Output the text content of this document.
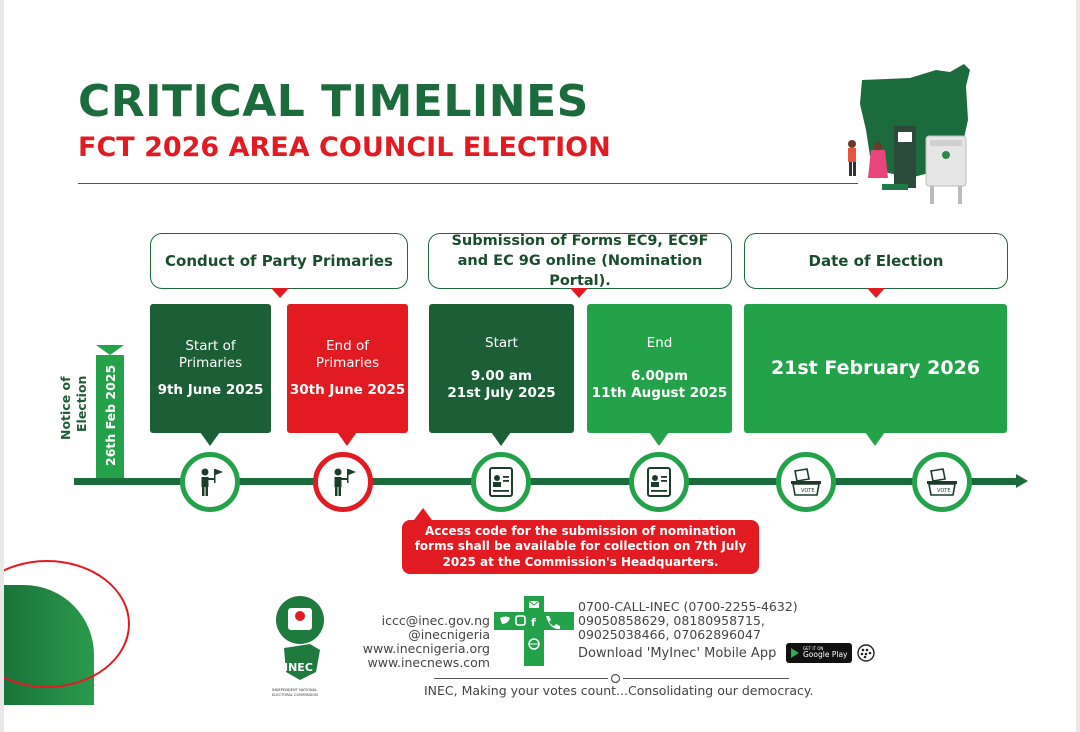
CRITICAL TIMELINES
FCT 2026 AREA COUNCIL ELECTION
Conduct of Party Primaries
Submission of Forms EC9, EC9F and EC 9G online (Nomination Portal).
Date of Election
Notice of Election 26th Feb 2025
Start of
Primaries
9th June 2025
End of
Primaries
30th June 2025
Start
9.00 am
21st July 2025
End
6.00pm
11th August 2025
21st February 2026
VOTE	VOTE
Access code for the submission of nomination forms shall be available for collection on 7th July 2025 at the Commission's Headquarters.
INEC
INDEPENDENT NATIONAL
ELECTORAL COMMISSION
iccc@inec.gov.ng
@inecnigeria
www.inecnigeria.org
www.inecnews.com
f
0700-CALL-INEC (0700-2255-4632)
09050858629, 08180958715,
09025038466, 07062896047
Download 'MyInec' Mobile App	GET IT ON
Google Play
INEC, Making your votes count...Consolidating our democracy.
